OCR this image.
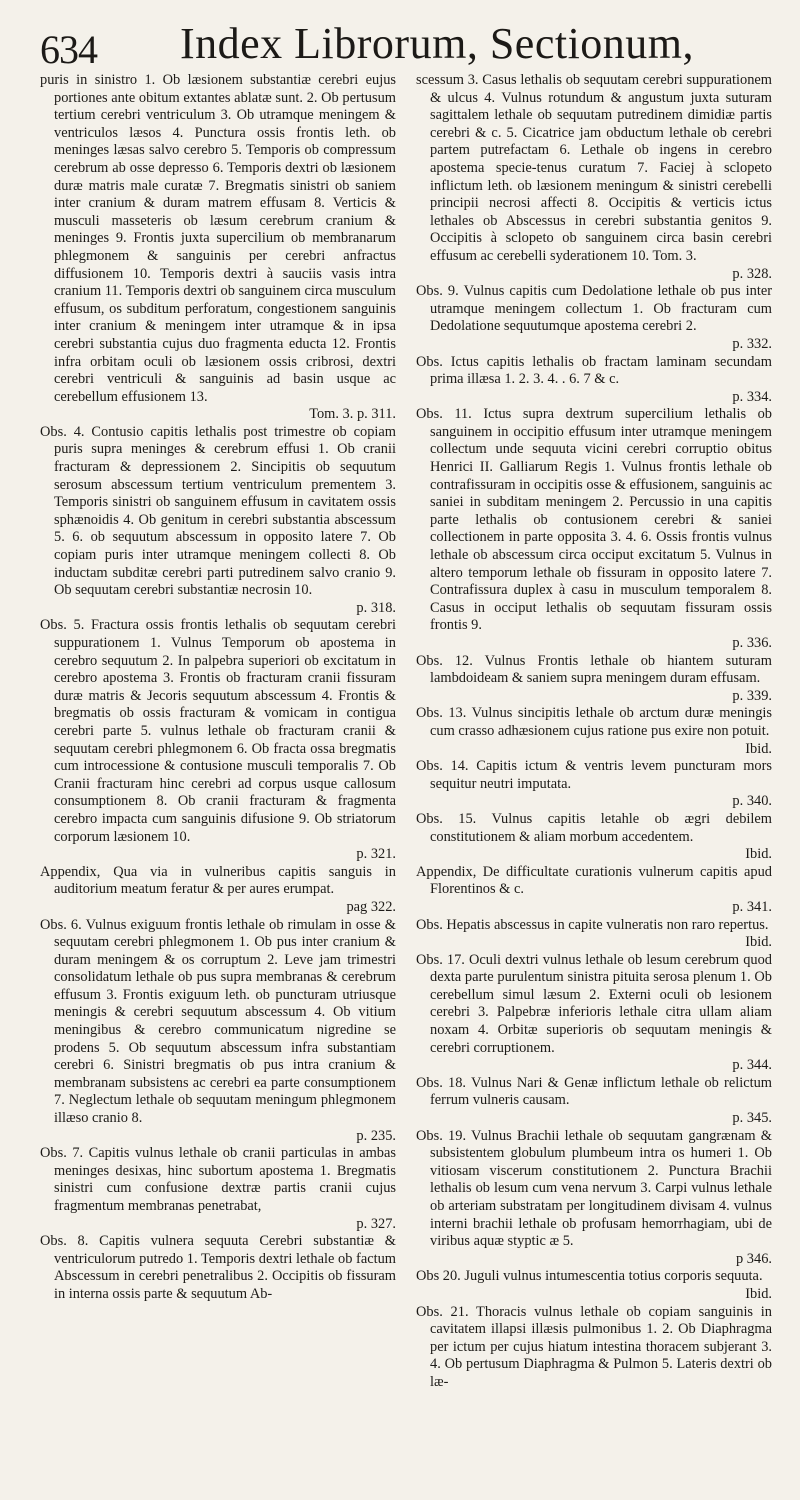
634 Index Librorum, Sectionum,

puris in sinistro 1. Ob læsionem substantiæ cerebri eujus portiones ante obitum extantes ablatæ sunt. 2. Ob pertusum tertium cerebri ventriculum 3. Ob utramque meningem & ventriculos læsos 4. Punctura ossis frontis leth. ob meninges læsas salvo cerebro 5. Temporis ob compressum cerebrum ab osse depresso 6. Temporis dextri ob læsionem duræ matris male curatæ 7. Bregmatis sinistri ob saniem inter cranium & duram matrem effusam 8. Verticis & musculi masseteris ob læsum cerebrum cranium & meninges 9. Frontis juxta supercilium ob membranarum phlegmonem & sanguinis per cerebri anfractus diffusionem 10. Temporis dextri à sauciis vasis intra cranium 11. Temporis dextri ob sanguinem circa musculum effusum, os subditum perforatum, congestionem sanguinis inter cranium & meningem inter utramque & in ipsa cerebri substantia cujus duo fragmenta educta 12. Frontis infra orbitam oculi ob læsionem ossis cribrosi, dextri cerebri ventriculi & sanguinis ad basin usque ac cerebellum effusionem 13.
Tom. 3. p. 311.

Obs. 4. Contusio capitis lethalis post trimestre ob copiam puris supra meninges & cerebrum effusi 1. Ob cranii fracturam & depressionem 2. Sincipitis ob sequutum serosum abscessum tertium ventriculum prementem 3. Temporis sinistri ob sanguinem effusum in cavitatem ossis sphænoidis 4. Ob genitum in cerebri substantia abscessum 5. 6. ob sequutum abscessum in opposito latere 7. Ob copiam puris inter utramque meningem collecti 8. Ob inductam subditæ cerebri parti putredinem salvo cranio 9. Ob sequutam cerebri substantiæ necrosin 10.
p. 318.

Obs. 5. Fractura ossis frontis lethalis ob sequutam cerebri suppurationem 1. Vulnus Temporum ob apostema in cerebro sequutum 2. In palpebra superiori ob excitatum in cerebro apostema 3. Frontis ob fracturam cranii fissuram duræ matris & Jecoris sequutum abscessum 4. Frontis & bregmatis ob ossis fracturam & vomicam in contigua cerebri parte 5. vulnus lethale ob fracturam cranii & sequutam cerebri phlegmonem 6. Ob fracta ossa bregmatis cum introcessione & contusione musculi temporalis 7. Ob Cranii fracturam hinc cerebri ad corpus usque callosum consumptionem 8. Ob cranii fracturam & fragmenta cerebro impacta cum sanguinis difusione 9. Ob striatorum corporum læsionem 10.
p. 321.

Appendix, Qua via in vulneribus capitis sanguis in auditorium meatum feratur & per aures erumpat.
pag 322.

Obs. 6. Vulnus exiguum frontis lethale ob rimulam in osse & sequutam cerebri phlegmonem 1. Ob pus inter cranium & duram meningem & os corruptum 2. Leve jam trimestri consolidatum lethale ob pus supra membranas & cerebrum effusum 3. Frontis exiguum leth. ob puncturam utriusque meningis & cerebri sequutum abscessum 4. Ob vitium meningibus & cerebro communicatum nigredine se prodens 5. Ob sequutum abscessum infra substantiam cerebri 6. Sinistri bregmatis ob pus intra cranium & membranam subsistens ac cerebri ea parte consumptionem 7. Neglectum lethale ob sequutam meningum phlegmonem illæso cranio 8.
p. 235.

Obs. 7. Capitis vulnus lethale ob cranii particulas in ambas meninges desixas, hinc subortum apostema 1. Bregmatis sinistri cum confusione dextræ partis cranii cujus fragmentum membranas penetrabat,
p. 327.

Obs. 8. Capitis vulnera sequuta Cerebri substantiæ & ventriculorum putredo 1. Temporis dextri lethale ob factum Abscessum in cerebri penetralibus 2. Occipitis ob fissuram in interna ossis parte & sequutum Ab-

scessum 3. Casus lethalis ob sequutam cerebri suppurationem & ulcus 4. Vulnus rotundum & angustum juxta suturam sagittalem lethale ob sequutam putredinem dimidiæ partis cerebri & c. 5. Cicatrice jam obductum lethale ob cerebri partem putrefactam 6. Lethale ob ingens in cerebro apostema specie-tenus curatum 7. Faciej à sclopeto inflictum leth. ob læsionem meningum & sinistri cerebelli principii necrosi affecti 8. Occipitis & verticis ictus lethales ob Abscessus in cerebri substantia genitos 9. Occipitis à sclopeto ob sanguinem circa basin cerebri effusum ac cerebelli syderationem 10. Tom. 3.
p. 328.

Obs. 9. Vulnus capitis cum Dedolatione lethale ob pus inter utramque meningem collectum 1. Ob fracturam cum Dedolatione sequutumque apostema cerebri 2.
p. 332.

Obs. Ictus capitis lethalis ob fractam laminam secundam prima illæsa 1. 2. 3. 4. . 6. 7 & c.
p. 334.

Obs. 11. Ictus supra dextrum supercilium lethalis ob sanguinem in occipitio effusum inter utramque meningem collectum unde sequuta vicini cerebri corruptio obitus Henrici II. Galliarum Regis 1. Vulnus frontis lethale ob contrafissuram in occipitis osse & effusionem, sanguinis ac saniei in subditam meningem 2. Percussio in una capitis parte lethalis ob contusionem cerebri & saniei collectionem in parte opposita 3. 4. 6. Ossis frontis vulnus lethale ob abscessum circa occiput excitatum 5. Vulnus in altero temporum lethale ob fissuram in opposito latere 7. Contrafissura duplex à casu in musculum temporalem 8. Casus in occiput lethalis ob sequutam fissuram ossis frontis 9.
p. 336.

Obs. 12. Vulnus Frontis lethale ob hiantem suturam lambdoideam & saniem supra meningem duram effusam.
p. 339.

Obs. 13. Vulnus sincipitis lethale ob arctum duræ meningis cum crasso adhæsionem cujus ratione pus exire non potuit.
Ibid.

Obs. 14. Capitis ictum & ventris levem puncturam mors sequitur neutri imputata.
p. 340.

Obs. 15. Vulnus capitis letahle ob ægri debilem constitutionem & aliam morbum accedentem.
Ibid.

Appendix, De difficultate curationis vulnerum capitis apud Florentinos & c.
p. 341.

Obs. Hepatis abscessus in capite vulneratis non raro repertus.
Ibid.

Obs. 17. Oculi dextri vulnus lethale ob lesum cerebrum quod dexta parte purulentum sinistra pituita serosa plenum 1. Ob cerebellum simul læsum 2. Externi oculi ob lesionem cerebri 3. Palpebræ inferioris lethale citra ullam aliam noxam 4. Orbitæ superioris ob sequutam meningis & cerebri corruptionem.
p. 344.

Obs. 18. Vulnus Nari & Genæ inflictum lethale ob relictum ferrum vulneris causam.
p. 345.

Obs. 19. Vulnus Brachii lethale ob sequutam gangrænam & subsistentem globulum plumbeum intra os humeri 1. Ob vitiosam viscerum constitutionem 2. Punctura Brachii lethalis ob lesum cum vena nervum 3. Carpi vulnus lethale ob arteriam substratam per longitudinem divisam 4. vulnus interni brachii lethale ob profusam hemorrhagiam, ubi de viribus aquæ styptic æ 5.
p 346.

Obs 20. Juguli vulnus intumescentia totius corporis sequuta.
Ibid.

Obs. 21. Thoracis vulnus lethale ob copiam sanguinis in cavitatem illapsi illæsis pulmonibus 1. 2. Ob Diaphragma per ictum per cujus hiatum intestina thoracem subjerant 3. 4. Ob pertusum Diaphragma & Pulmon 5. Lateris dextri ob læ-
